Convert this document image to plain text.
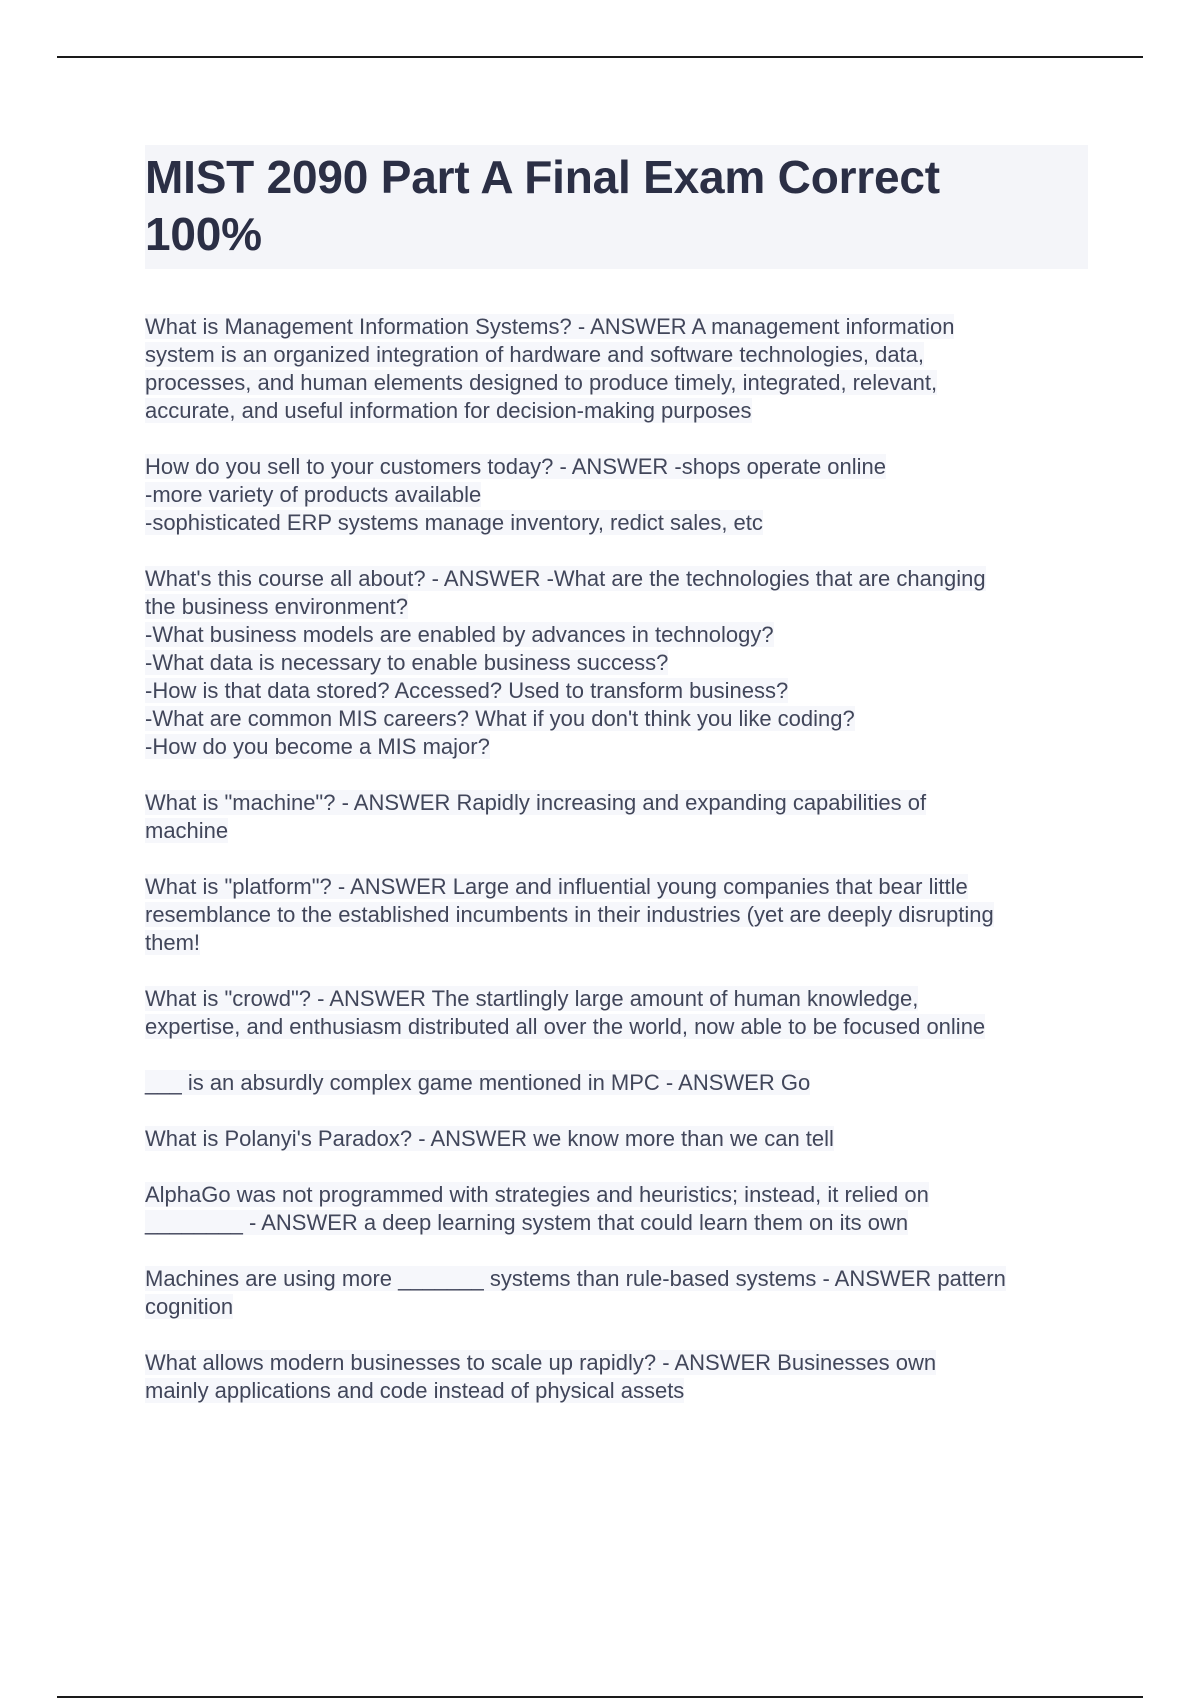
MIST 2090 Part A Final Exam Correct
100%
What is Management Information Systems? - ANSWER A management information
system is an organized integration of hardware and software technologies, data,
processes, and human elements designed to produce timely, integrated, relevant,
accurate, and useful information for decision-making purposes
How do you sell to your customers today? - ANSWER -shops operate online
-more variety of products available
-sophisticated ERP systems manage inventory, redict sales, etc
What's this course all about? - ANSWER -What are the technologies that are changing
the business environment?
-What business models are enabled by advances in technology?
-What data is necessary to enable business success?
-How is that data stored? Accessed? Used to transform business?
-What are common MIS careers? What if you don't think you like coding?
-How do you become a MIS major?
What is "machine"? - ANSWER Rapidly increasing and expanding capabilities of
machine
What is "platform"? - ANSWER Large and influential young companies that bear little
resemblance to the established incumbents in their industries (yet are deeply disrupting
them!
What is "crowd"? - ANSWER The startlingly large amount of human knowledge,
expertise, and enthusiasm distributed all over the world, now able to be focused online
___ is an absurdly complex game mentioned in MPC - ANSWER Go
What is Polanyi's Paradox? - ANSWER we know more than we can tell
AlphaGo was not programmed with strategies and heuristics; instead, it relied on
________ - ANSWER a deep learning system that could learn them on its own
Machines are using more _______ systems than rule-based systems - ANSWER pattern
cognition
What allows modern businesses to scale up rapidly? - ANSWER Businesses own
mainly applications and code instead of physical assets
